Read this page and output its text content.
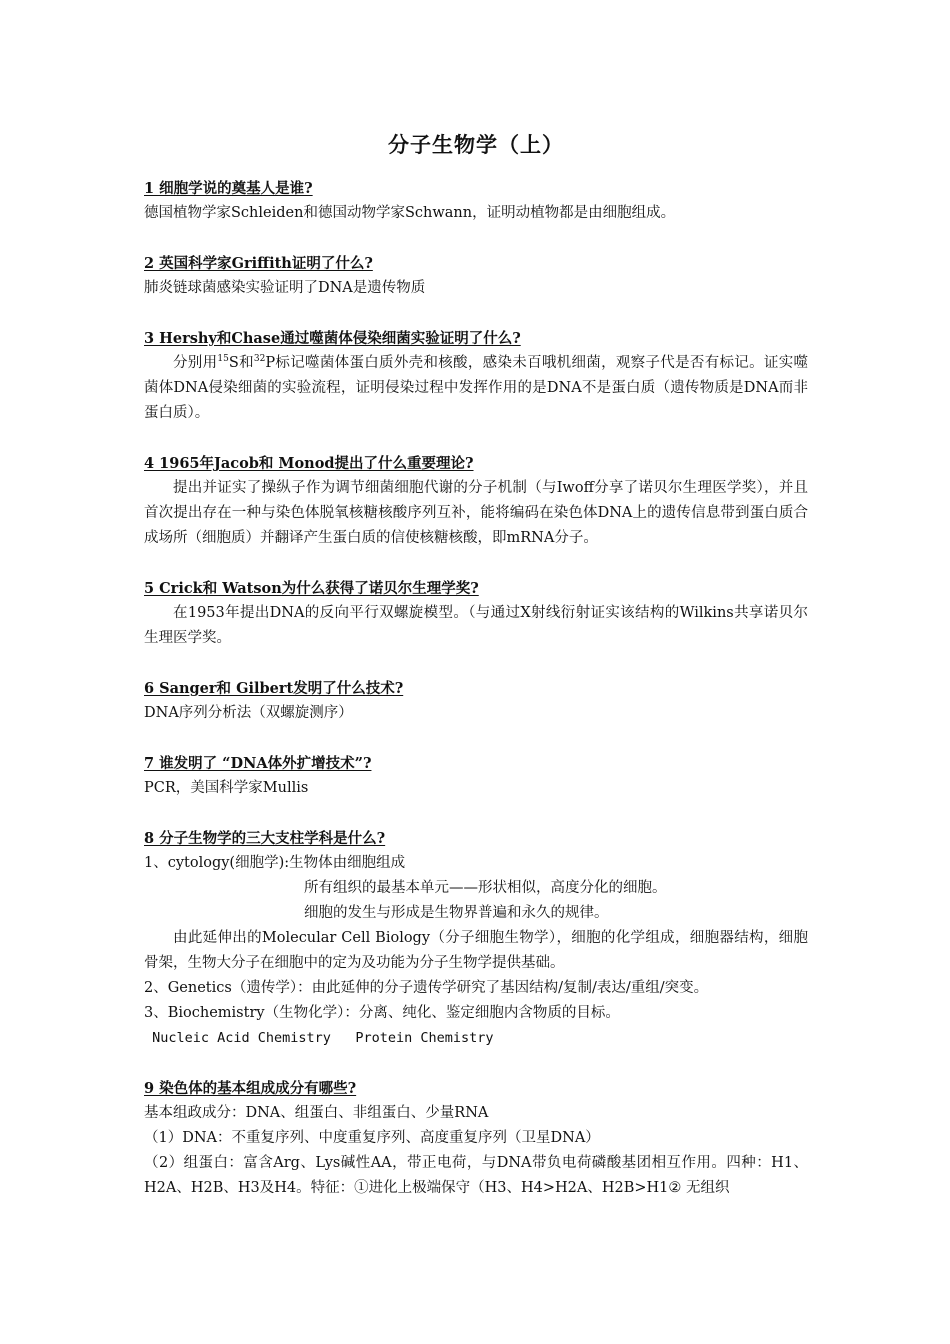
分子生物学（上）

1 细胞学说的奠基人是谁?

德国植物学家Schleiden和德国动物学家Schwann，证明动植物都是由细胞组成。

2 英国科学家Griffith证明了什么?

肺炎链球菌感染实验证明了DNA是遗传物质

3 Hershy和Chase通过噬菌体侵染细菌实验证明了什么?

分别用$^{15}$S和$^{32}$P标记噬菌体蛋白质外壳和核酸，感染未百哦机细菌，观察子代是否有标记。证实噬菌体DNA侵染细菌的实验流程，证明侵染过程中发挥作用的是DNA不是蛋白质（遗传物质是DNA而非蛋白质）。

4 1965年Jacob和 Monod提出了什么重要理论?

提出并证实了操纵子作为调节细菌细胞代谢的分子机制（与Iwoff分享了诺贝尔生理医学奖），并且首次提出存在一种与染色体脱氧核糖核酸序列互补，能将编码在染色体DNA上的遗传信息带到蛋白质合成场所（细胞质）并翻译产生蛋白质的信使核糖核酸，即mRNA分子。

5 Crick和 Watson为什么获得了诺贝尔生理学奖?

在1953年提出DNA的反向平行双螺旋模型。（与通过X射线衍射证实该结构的Wilkins共享诺贝尔生理医学奖。

6 Sanger和 Gilbert发明了什么技术?

DNA序列分析法（双螺旋测序）

7 谁发明了 “DNA体外扩增技术”?

PCR，美国科学家Mullis

8 分子生物学的三大支柱学科是什么?

1、cytology(细胞学):生物体由细胞组成

所有组织的最基本单元——形状相似，高度分化的细胞。

细胞的发生与形成是生物界普遍和永久的规律。

由此延伸出的Molecular Cell Biology（分子细胞生物学），细胞的化学组成，细胞器结构，细胞骨架，生物大分子在细胞中的定为及功能为分子生物学提供基础。

2、Genetics（遗传学）：由此延伸的分子遗传学研究了基因结构/复制/表达/重组/突变。

3、Biochemistry（生物化学）：分离、纯化、鉴定细胞内含物质的目标。

Nucleic Acid Chemistry   Protein Chemistry

9 染色体的基本组成成分有哪些?

基本组政成分：DNA、组蛋白、非组蛋白、少量RNA

（1）DNA：不重复序列、中度重复序列、高度重复序列（卫星DNA）

（2）组蛋白：富含Arg、Lys碱性AA，带正电荷，与DNA带负电荷磷酸基团相互作用。四种：H1、H2A、H2B、H3及H4。特征：①进化上极端保守（H3、H4>H2A、H2B>H1② 无组织
